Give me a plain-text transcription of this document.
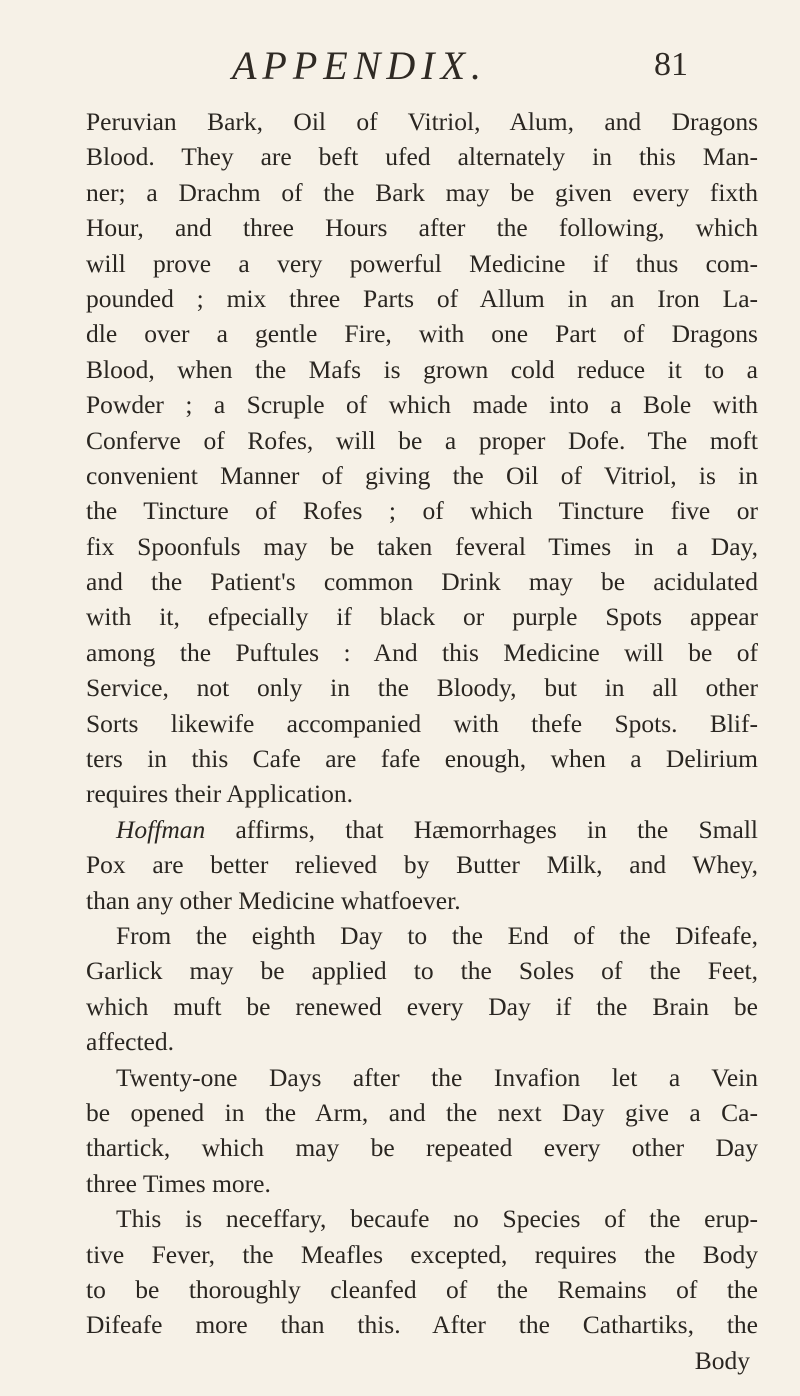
APPENDIX.	81
Peruvian Bark, Oil of Vitriol, Alum, and Dragons
Blood. They are beft ufed alternately in this Man-
ner; a Drachm of the Bark may be given every fixth
Hour, and three Hours after the following, which
will prove a very powerful Medicine if thus com-
pounded ; mix three Parts of Allum in an Iron La-
dle over a gentle Fire, with one Part of Dragons
Blood, when the Mafs is grown cold reduce it to a
Powder ; a Scruple of which made into a Bole with
Conferve of Rofes, will be a proper Dofe. The moft
convenient Manner of giving the Oil of Vitriol, is in
the Tincture of Rofes ; of which Tincture five or
fix Spoonfuls may be taken feveral Times in a Day,
and the Patient's common Drink may be acidulated
with it, efpecially if black or purple Spots appear
among the Puftules : And this Medicine will be of
Service, not only in the Bloody, but in all other
Sorts likewife accompanied with thefe Spots. Blif-
ters in this Cafe are fafe enough, when a Delirium
requires their Application.
Hoffman affirms, that Hæmorrhages in the Small
Pox are better relieved by Butter Milk, and Whey,
than any other Medicine whatfoever.
From the eighth Day to the End of the Difeafe,
Garlick may be applied to the Soles of the Feet,
which muft be renewed every Day if the Brain be
affected.
Twenty-one Days after the Invafion let a Vein
be opened in the Arm, and the next Day give a Ca-
thartick, which may be repeated every other Day
three Times more.
This is neceffary, becaufe no Species of the erup-
tive Fever, the Meafles excepted, requires the Body
to be thoroughly cleanfed of the Remains of the
Difeafe more than this. After the Cathartiks, the
Body
